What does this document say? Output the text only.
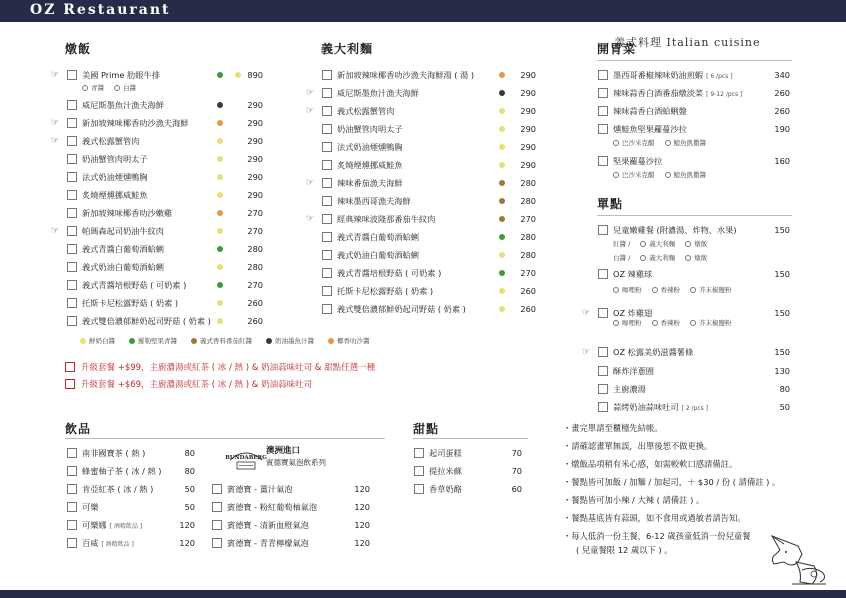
OZ Restaurant
義式料理 Italian cuisine
燉飯	義大利麵	開胃菜
單點
飲品	甜點
☞	美國 Prime 肋眼牛排	890
威尼斯墨魚汁漁夫海鮮	290
☞	新加坡辣味椰香叻沙漁夫海鮮	290
☞	義式松露蟹管肉	290
奶油蟹管肉明太子	290
法式奶油煙燻鴨胸	290
炙燒煙燻挪威鮭魚	290
新加坡辣味椰香叻沙嫩雞	270
☞	帕瑪森起司奶油牛紋肉	270
義式青醬白葡萄酒蛤蜊	280
義式奶油白葡萄酒蛤蜊	280
義式青醬培根野菇 ( 可奶素 )	270
托斯卡尼松露野菇 ( 奶素 )	260
義式雙倍濃郁鮮奶起司野菇 ( 奶素 )	260
新加坡辣味椰香叻沙漁夫海鮮湯 ( 湯 )	290
☞	威尼斯墨魚汁漁夫海鮮	290
☞	義式松露蟹管肉	290
奶油蟹管肉明太子	290
法式奶油煙燻鴨胸	290
炙燒煙燻挪威鮭魚	290
☞	辣味番茄漁夫海鮮	280
辣味墨西哥漁夫海鮮	280
☞	經典辣味波隆那番茄牛紋肉	270
義式青醬白葡萄酒蛤蜊	280
義式奶油白葡萄酒蛤蜊	280
義式青醬培根野菇 ( 可奶素 )	270
托斯卡尼松露野菇 ( 奶素 )	260
義式雙倍濃郁鮮奶起司野菇 ( 奶素 )	260
墨西哥番椒辣味奶油煎蝦 [ 6 /pcs ]	340
辣味蒜香白酒番茄燉淡菜 [ 9-12 /pcs ]	260
辣味蒜香白酒蛤蜊盤	260
燻鮭魚堅果蘿蔓沙拉	190
堅果蘿蔓沙拉	160
兒童嫩雞餐 (附濃湯、炸物、水果)	150
OZ 辣雞球	150
☞	OZ 炸雞翅	150
☞	OZ 松露美奶滋醬薯條	150
酥炸洋蔥圈	130
主廚濃湯	80
蒜烤奶油蒜味吐司 [ 2 /pcs ]	50
南非國寶茶 ( 熱 )	80
蜂蜜柚子茶 ( 冰 / 熱 )	80
肯亞紅茶 ( 冰 / 熱 )	50
可樂	50
可樂娜 [ 酒精飲品 ]	120
百威 [ 酒精飲品 ]	120
賓德寶 - 薑汁氣泡	120
賓德寶 - 粉紅葡萄柚氣泡	120
賓德寶 - 清新血橙氣泡	120
賓德寶 - 青青檸檬氣泡	120
起司蛋糕	70
提拉米蘇	70
香草奶酪	60
青醬	白醬
巴沙米克醋	鯷魚凱撒醬
巴沙米克醋	鯷魚凱撒醬
紅醬 /	義大利麵	燉飯
白醬 /	義大利麵	燉飯
咖哩粉	香辣粉	芥末椒鹽粉
咖哩粉	香辣粉	芥末椒鹽粉
鮮奶白醬	羅勒堅果青醬	義式香料番茄紅醬	奶油墨魚汁醬	椰香叻沙醬
升級套餐 +$99，主廚濃湯或紅茶 ( 冰 / 熱 ) & 奶油蒜味吐司 & 甜點任選一種
升級套餐 +$69，主廚濃湯或紅茶 ( 冰 / 熱 ) & 奶油蒜味吐司
BUNDABERG
澳洲進口
賓德寶氣泡飲系列
・畫完單請至櫃檯先結帳。
・請確認畫單無誤，出單後恕不做更換。
・燉飯品項稍有米心感，如需較軟口感請備註。
・餐點皆可加飯 / 加麵 / 加起司，＋ $30 / 份 ( 請備註 ) 。
・餐點皆可加小辣 / 大辣 ( 請備註 ) 。
・餐點基底皆有蒜頭，如不食用或過敏者請告知。
・每人低消一份主餐，6-12 歲孩童低消一份兒童餐
( 兒童餐限 12 歲以下 ) 。
